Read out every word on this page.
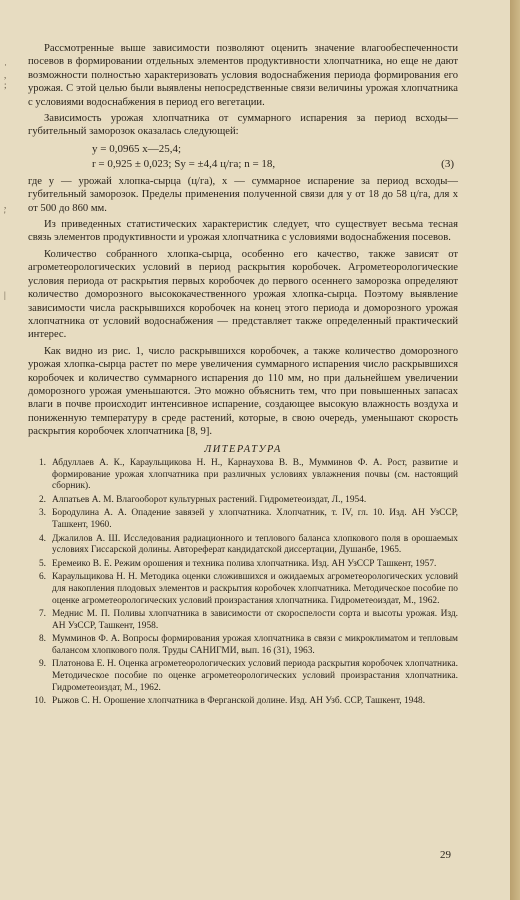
·
,
;
,
'
|

Рассмотренные выше зависимости позволяют оценить значение влагообеспеченности посевов в формировании отдельных элементов продуктивности хлопчатника, но еще не дают возможности полностью характеризовать условия водоснабжения периода формирования его урожая. С этой целью были выявлены непосредственные связи величины урожая хлопчатника с условиями водоснабжения в период его вегетации.

Зависимость урожая хлопчатника от суммарного испарения за период всходы—губительный заморозок оказалась следующей:

y = 0,0965 x—25,4;
r = 0,925 ± 0,023; Sy = ±4,4 ц/га; n = 18,	(3)

где y — урожай хлопка-сырца (ц/га), x — суммарное испарение за период всходы—губительный заморозок. Пределы применения полученной связи для y от 18 до 58 ц/га, для x от 500 до 860 мм.

Из приведенных статистических характеристик следует, что существует весьма тесная связь элементов продуктивности и урожая хлопчатника с условиями водоснабжения посевов.

Количество собранного хлопка-сырца, особенно его качество, также зависят от агрометеорологических условий в период раскрытия коробочек. Агрометеорологические условия периода от раскрытия первых коробочек до первого осеннего заморозка определяют количество доморозного высококачественного урожая хлопка-сырца. Поэтому выявление зависимости числа раскрывшихся коробочек на конец этого периода и доморозного урожая хлопчатника от условий водоснабжения — представляет также определенный практический интерес.

Как видно из рис. 1, число раскрывшихся коробочек, а также количество доморозного урожая хлопка-сырца растет по мере увеличения суммарного испарения число раскрывшихся коробочек и количество суммарного испарения до 110 мм, но при дальнейшем увеличении доморозного урожая уменьшаются. Это можно объяснить тем, что при повышенных запасах влаги в почве происходит интенсивное испарение, создающее высокую влажность воздуха и пониженную температуру в среде растений, которые, в свою очередь, уменьшают скорость раскрытия коробочек хлопчатника [8, 9].

ЛИТЕРАТУРА
1. Абдуллаев А. К., Караульщикова Н. Н., Карнаухова В. В., Мумминов Ф. А. Рост, развитие и формирование урожая хлопчатника при различных условиях увлажнения почвы (см. настоящий сборник).
2. Алпатьев А. М. Влагооборот культурных растений. Гидрометеоиздат, Л., 1954.
3. Бородулина А. А. Опадение завязей у хлопчатника. Хлопчатник, т. IV, гл. 10. Изд. АН УзССР, Ташкент, 1960.
4. Джалилов А. Ш. Исследования радиационного и теплового баланса хлопкового поля в орошаемых условиях Гиссарской долины. Автореферат кандидатской диссертации, Душанбе, 1965.
5. Еремеико В. Е. Режим орошения и техника полива хлопчатника. Изд. АН УзССР Ташкент, 1957.
6. Караульщикова Н. Н. Методика оценки сложившихся и ожидаемых агрометеорологических условий для накопления плодовых элементов и раскрытия коробочек хлопчатника. Методическое пособие по оценке агрометеорологических условий произрастания хлопчатника. Гидрометеоиздат, М., 1962.
7. Меднис М. П. Поливы хлопчатника в зависимости от скороспелости сорта и высоты урожая. Изд. АН УзССР, Ташкент, 1958.
8. Мумминов Ф. А. Вопросы формирования урожая хлопчатника в связи с микроклиматом и тепловым балансом хлопкового поля. Труды САНИГМИ, вып. 16 (31), 1963.
9. Платонова Е. Н. Оценка агрометеорологических условий периода раскрытия коробочек хлопчатника. Методическое пособие по оценке агрометеорологических условий произрастания хлопчатника. Гидрометеоиздат, М., 1962.
10. Рыжов С. Н. Орошение хлопчатника в Ферганской долине. Изд. АН Узб. ССР, Ташкент, 1948.
29
